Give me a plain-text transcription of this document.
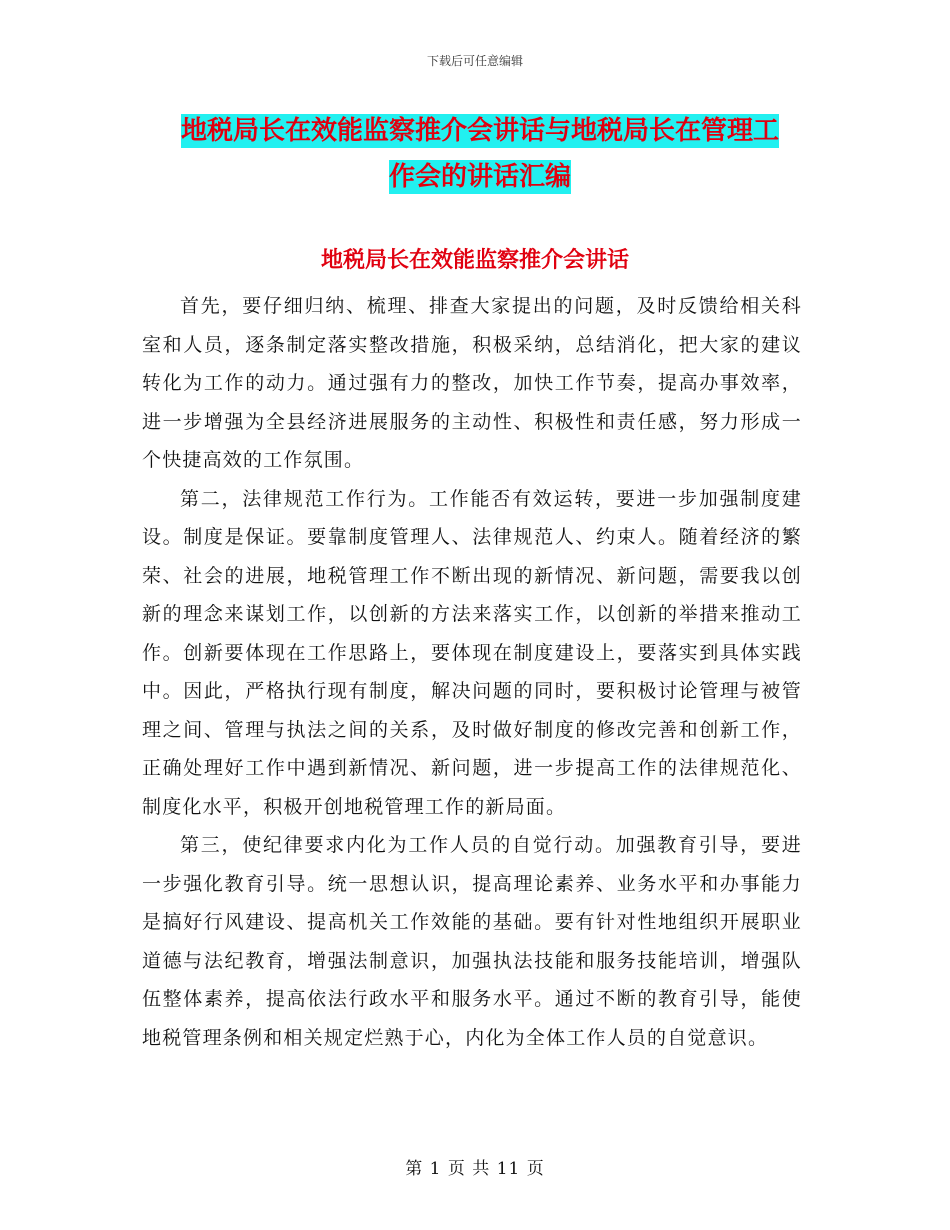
下载后可任意编辑
地税局长在效能监察推介会讲话与地税局长在管理工
作会的讲话汇编
地税局长在效能监察推介会讲话

首先，要仔细归纳、梳理、排查大家提出的问题，及时反馈给相关科室和人员，逐条制定落实整改措施，积极采纳，总结消化，把大家的建议转化为工作的动力。通过强有力的整改，加快工作节奏，提高办事效率，进一步增强为全县经济进展服务的主动性、积极性和责任感，努力形成一个快捷高效的工作氛围。

第二，法律规范工作行为。工作能否有效运转，要进一步加强制度建设。制度是保证。要靠制度管理人、法律规范人、约束人。随着经济的繁荣、社会的进展，地税管理工作不断出现的新情况、新问题，需要我以创新的理念来谋划工作，以创新的方法来落实工作，以创新的举措来推动工作。创新要体现在工作思路上，要体现在制度建设上，要落实到具体实践中。因此，严格执行现有制度，解决问题的同时，要积极讨论管理与被管理之间、管理与执法之间的关系，及时做好制度的修改完善和创新工作，正确处理好工作中遇到新情况、新问题，进一步提高工作的法律规范化、制度化水平，积极开创地税管理工作的新局面。

第三，使纪律要求内化为工作人员的自觉行动。加强教育引导，要进一步强化教育引导。统一思想认识，提高理论素养、业务水平和办事能力是搞好行风建设、提高机关工作效能的基础。要有针对性地组织开展职业道德与法纪教育，增强法制意识，加强执法技能和服务技能培训，增强队伍整体素养，提高依法行政水平和服务水平。通过不断的教育引导，能使地税管理条例和相关规定烂熟于心，内化为全体工作人员的自觉意识。

第 1 页 共 11 页
